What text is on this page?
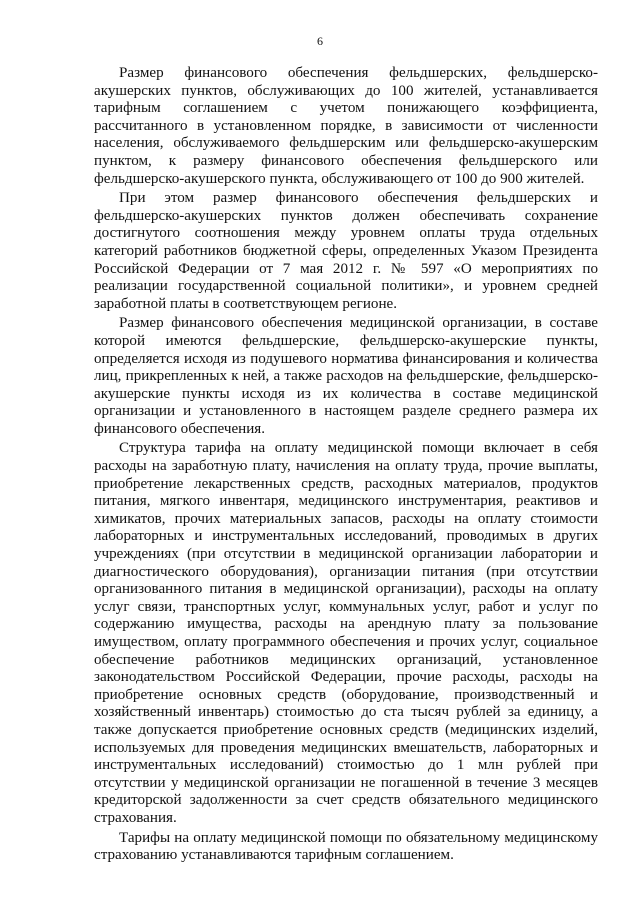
6

Размер финансового обеспечения фельдшерских, фельдшерско-акушерских пунктов, обслуживающих до 100 жителей, устанавливается тарифным соглашением с учетом понижающего коэффициента, рассчитанного в установленном порядке, в зависимости от численности населения, обслуживаемого фельдшерским или фельдшерско-акушерским пунктом, к размеру финансового обеспечения фельдшерского или фельдшерско-акушерского пункта, обслуживающего от 100 до 900 жителей.

При этом размер финансового обеспечения фельдшерских и фельдшерско-акушерских пунктов должен обеспечивать сохранение достигнутого соотношения между уровнем оплаты труда отдельных категорий работников бюджетной сферы, определенных Указом Президента Российской Федерации от 7 мая 2012 г. № 597 «О мероприятиях по реализации государственной социальной политики», и уровнем средней заработной платы в соответствующем регионе.

Размер финансового обеспечения медицинской организации, в составе которой имеются фельдшерские, фельдшерско-акушерские пункты, определяется исходя из подушевого норматива финансирования и количества лиц, прикрепленных к ней, а также расходов на фельдшерские, фельдшерско-акушерские пункты исходя из их количества в составе медицинской организации и установленного в настоящем разделе среднего размера их финансового обеспечения.

Структура тарифа на оплату медицинской помощи включает в себя расходы на заработную плату, начисления на оплату труда, прочие выплаты, приобретение лекарственных средств, расходных материалов, продуктов питания, мягкого инвентаря, медицинского инструментария, реактивов и химикатов, прочих материальных запасов, расходы на оплату стоимости лабораторных и инструментальных исследований, проводимых в других учреждениях (при отсутствии в медицинской организации лаборатории и диагностического оборудования), организации питания (при отсутствии организованного питания в медицинской организации), расходы на оплату услуг связи, транспортных услуг, коммунальных услуг, работ и услуг по содержанию имущества, расходы на арендную плату за пользование имуществом, оплату программного обеспечения и прочих услуг, социальное обеспечение работников медицинских организаций, установленное законодательством Российской Федерации, прочие расходы, расходы на приобретение основных средств (оборудование, производственный и хозяйственный инвентарь) стоимостью до ста тысяч рублей за единицу, а также допускается приобретение основных средств (медицинских изделий, используемых для проведения медицинских вмешательств, лабораторных и инструментальных исследований) стоимостью до 1 млн рублей при отсутствии у медицинской организации не погашенной в течение 3 месяцев кредиторской задолженности за счет средств обязательного медицинского страхования.

Тарифы на оплату медицинской помощи по обязательному медицинскому страхованию устанавливаются тарифным соглашением.
